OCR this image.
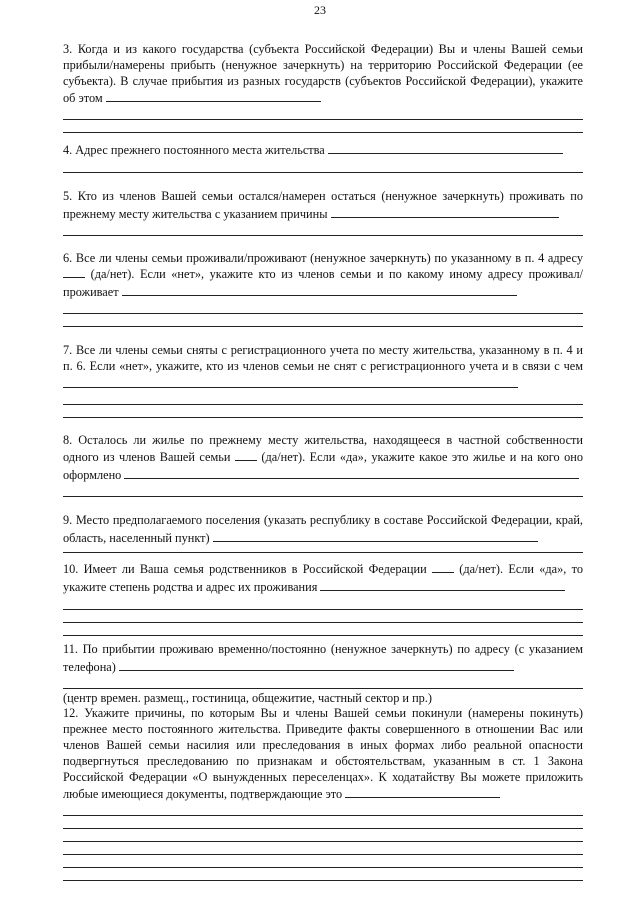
23
3. Когда и из какого государства (субъекта Российской Федерации) Вы и члены Вашей семьи прибыли/намерены прибыть (ненужное зачеркнуть) на территорию Российской Федерации (ее субъекта). В случае прибытия из разных государств (субъектов Российской Федерации), укажите об этом
4. Адрес прежнего постоянного места жительства
5. Кто из членов Вашей семьи остался/намерен остаться (ненужное зачеркнуть) проживать по прежнему месту жительства с указанием причины
6. Все ли члены семьи проживали/проживают (ненужное зачеркнуть) по указанному в п. 4 адресу  (да/нет). Если «нет», укажите кто из членов семьи и по какому иному адресу проживал/проживает
7. Все ли члены семьи сняты с регистрационного учета по месту жительства, указанному в п. 4 и п. 6. Если «нет», укажите, кто из членов семьи не снят с регистрационного учета и в связи с чем
8. Осталось ли жилье по прежнему месту жительства, находящееся в частной собственности одного из членов Вашей семьи	(да/нет). Если «да», укажите какое это жилье и на кого оно оформлено
9. Место предполагаемого поселения (указать республику в составе Российской Федерации, край, область, населенный пункт)
10. Имеет ли Ваша семья родственников в Российской Федерации	(да/нет). Если «да», то укажите степень родства и адрес их проживания
11. По прибытии проживаю временно/постоянно (ненужное зачеркнуть) по адресу (с указанием телефона)
(центр времен. размещ., гостиница, общежитие, частный сектор и пр.)
12. Укажите причины, по которым Вы и члены Вашей семьи покинули (намерены покинуть) прежнее место постоянного жительства. Приведите факты совершенного в отношении Вас или членов Вашей семьи насилия или преследования в иных формах либо реальной опасности подвергнуться преследованию по признакам и обстоятельствам, указанным в ст. 1 Закона Российской Федерации «О вынужденных переселенцах». К ходатайству Вы можете приложить любые имеющиеся документы, подтверждающие это
